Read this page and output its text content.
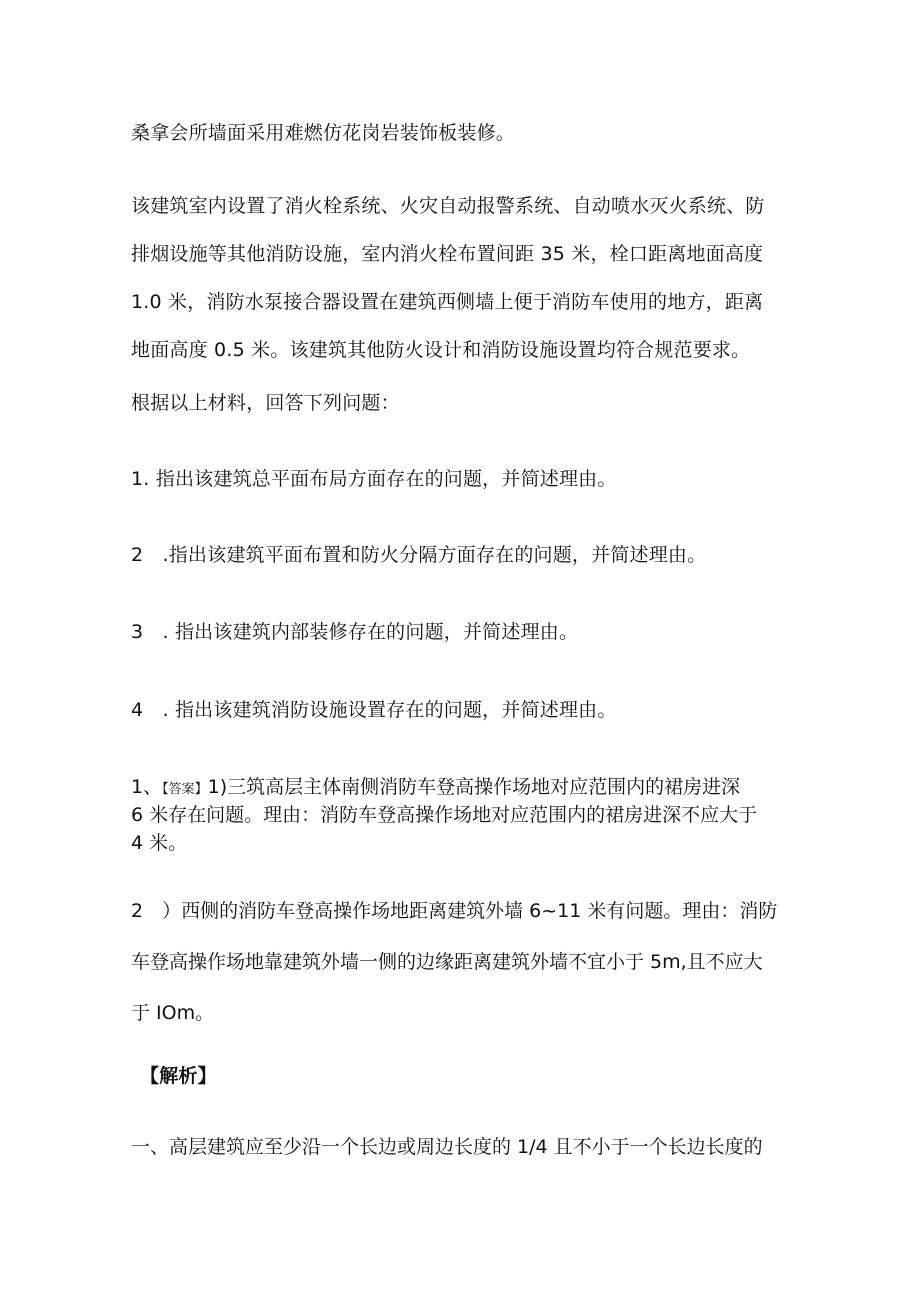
桑拿会所墙面采用难燃仿花岗岩装饰板装修。
该建筑室内设置了消火栓系统、火灾自动报警系统、自动喷水灭火系统、防
排烟设施等其他消防设施，室内消火栓布置间距 35 米，栓口距离地面高度
1.0 米，消防水泵接合器设置在建筑西侧墙上便于消防车使用的地方，距离
地面高度 0.5 米。该建筑其他防火设计和消防设施设置均符合规范要求。
根据以上材料，回答下列问题：
1. 指出该建筑总平面布局方面存在的问题，并简述理由。
2　.指出该建筑平面布置和防火分隔方面存在的问题，并简述理由。
3　. 指出该建筑内部装修存在的问题，并简述理由。
4　. 指出该建筑消防设施设置存在的问题，并简述理由。
1、【答案】1)三筑高层主体南侧消防车登高操作场地对应范围内的裙房进深
6 米存在问题。理由：消防车登高操作场地对应范围内的裙房进深不应大于
4 米。
2　）西侧的消防车登高操作场地距离建筑外墙 6~11 米有问题。理由：消防
车登高操作场地靠建筑外墙一侧的边缘距离建筑外墙不宜小于 5m,且不应大
于 IOm。
【解析】
一、高层建筑应至少沿一个长边或周边长度的 1/4 且不小于一个长边长度的
